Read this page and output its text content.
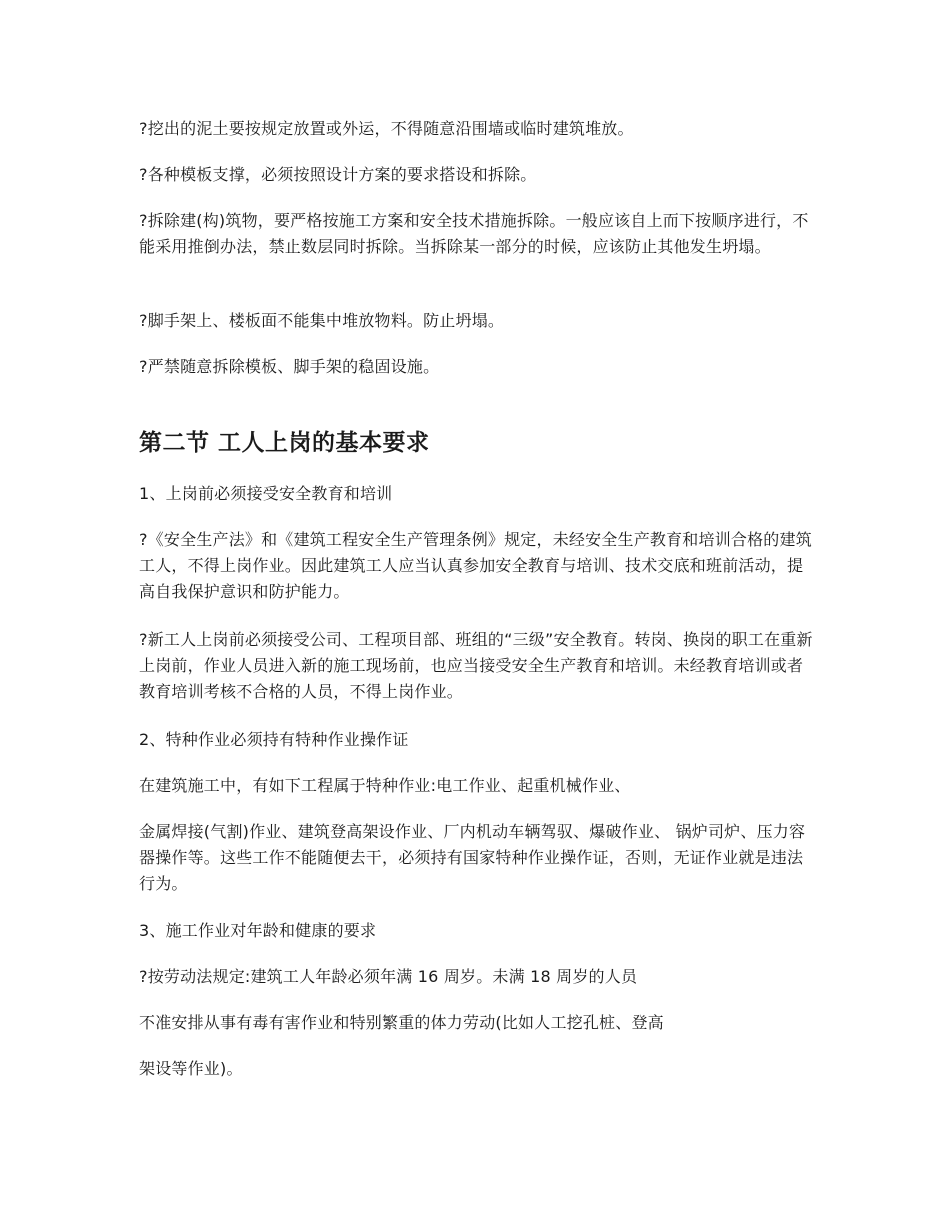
?挖出的泥土要按规定放置或外运，不得随意沿围墙或临时建筑堆放。

?各种模板支撑，必须按照设计方案的要求搭设和拆除。

?拆除建(构)筑物，要严格按施工方案和安全技术措施拆除。一般应该自上而下按顺序进行，不能采用推倒办法，禁止数层同时拆除。当拆除某一部分的时候，应该防止其他发生坍塌。

?脚手架上、楼板面不能集中堆放物料。防止坍塌。

?严禁随意拆除模板、脚手架的稳固设施。

第二节 工人上岗的基本要求

1、上岗前必须接受安全教育和培训

?《安全生产法》和《建筑工程安全生产管理条例》规定，未经安全生产教育和培训合格的建筑工人，不得上岗作业。因此建筑工人应当认真参加安全教育与培训、技术交底和班前活动，提高自我保护意识和防护能力。

?新工人上岗前必须接受公司、工程项目部、班组的“三级”安全教育。转岗、换岗的职工在重新上岗前，作业人员进入新的施工现场前，也应当接受安全生产教育和培训。未经教育培训或者教育培训考核不合格的人员，不得上岗作业。

2、特种作业必须持有特种作业操作证

在建筑施工中，有如下工程属于特种作业:电工作业、起重机械作业、

金属焊接(气割)作业、建筑登高架设作业、厂内机动车辆驾驭、爆破作业、 锅炉司炉、压力容器操作等。这些工作不能随便去干，必须持有国家特种作业操作证，否则，无证作业就是违法行为。

3、施工作业对年龄和健康的要求

?按劳动法规定:建筑工人年龄必须年满 16 周岁。未满 18 周岁的人员

不准安排从事有毒有害作业和特别繁重的体力劳动(比如人工挖孔桩、登高

架设等作业)。
